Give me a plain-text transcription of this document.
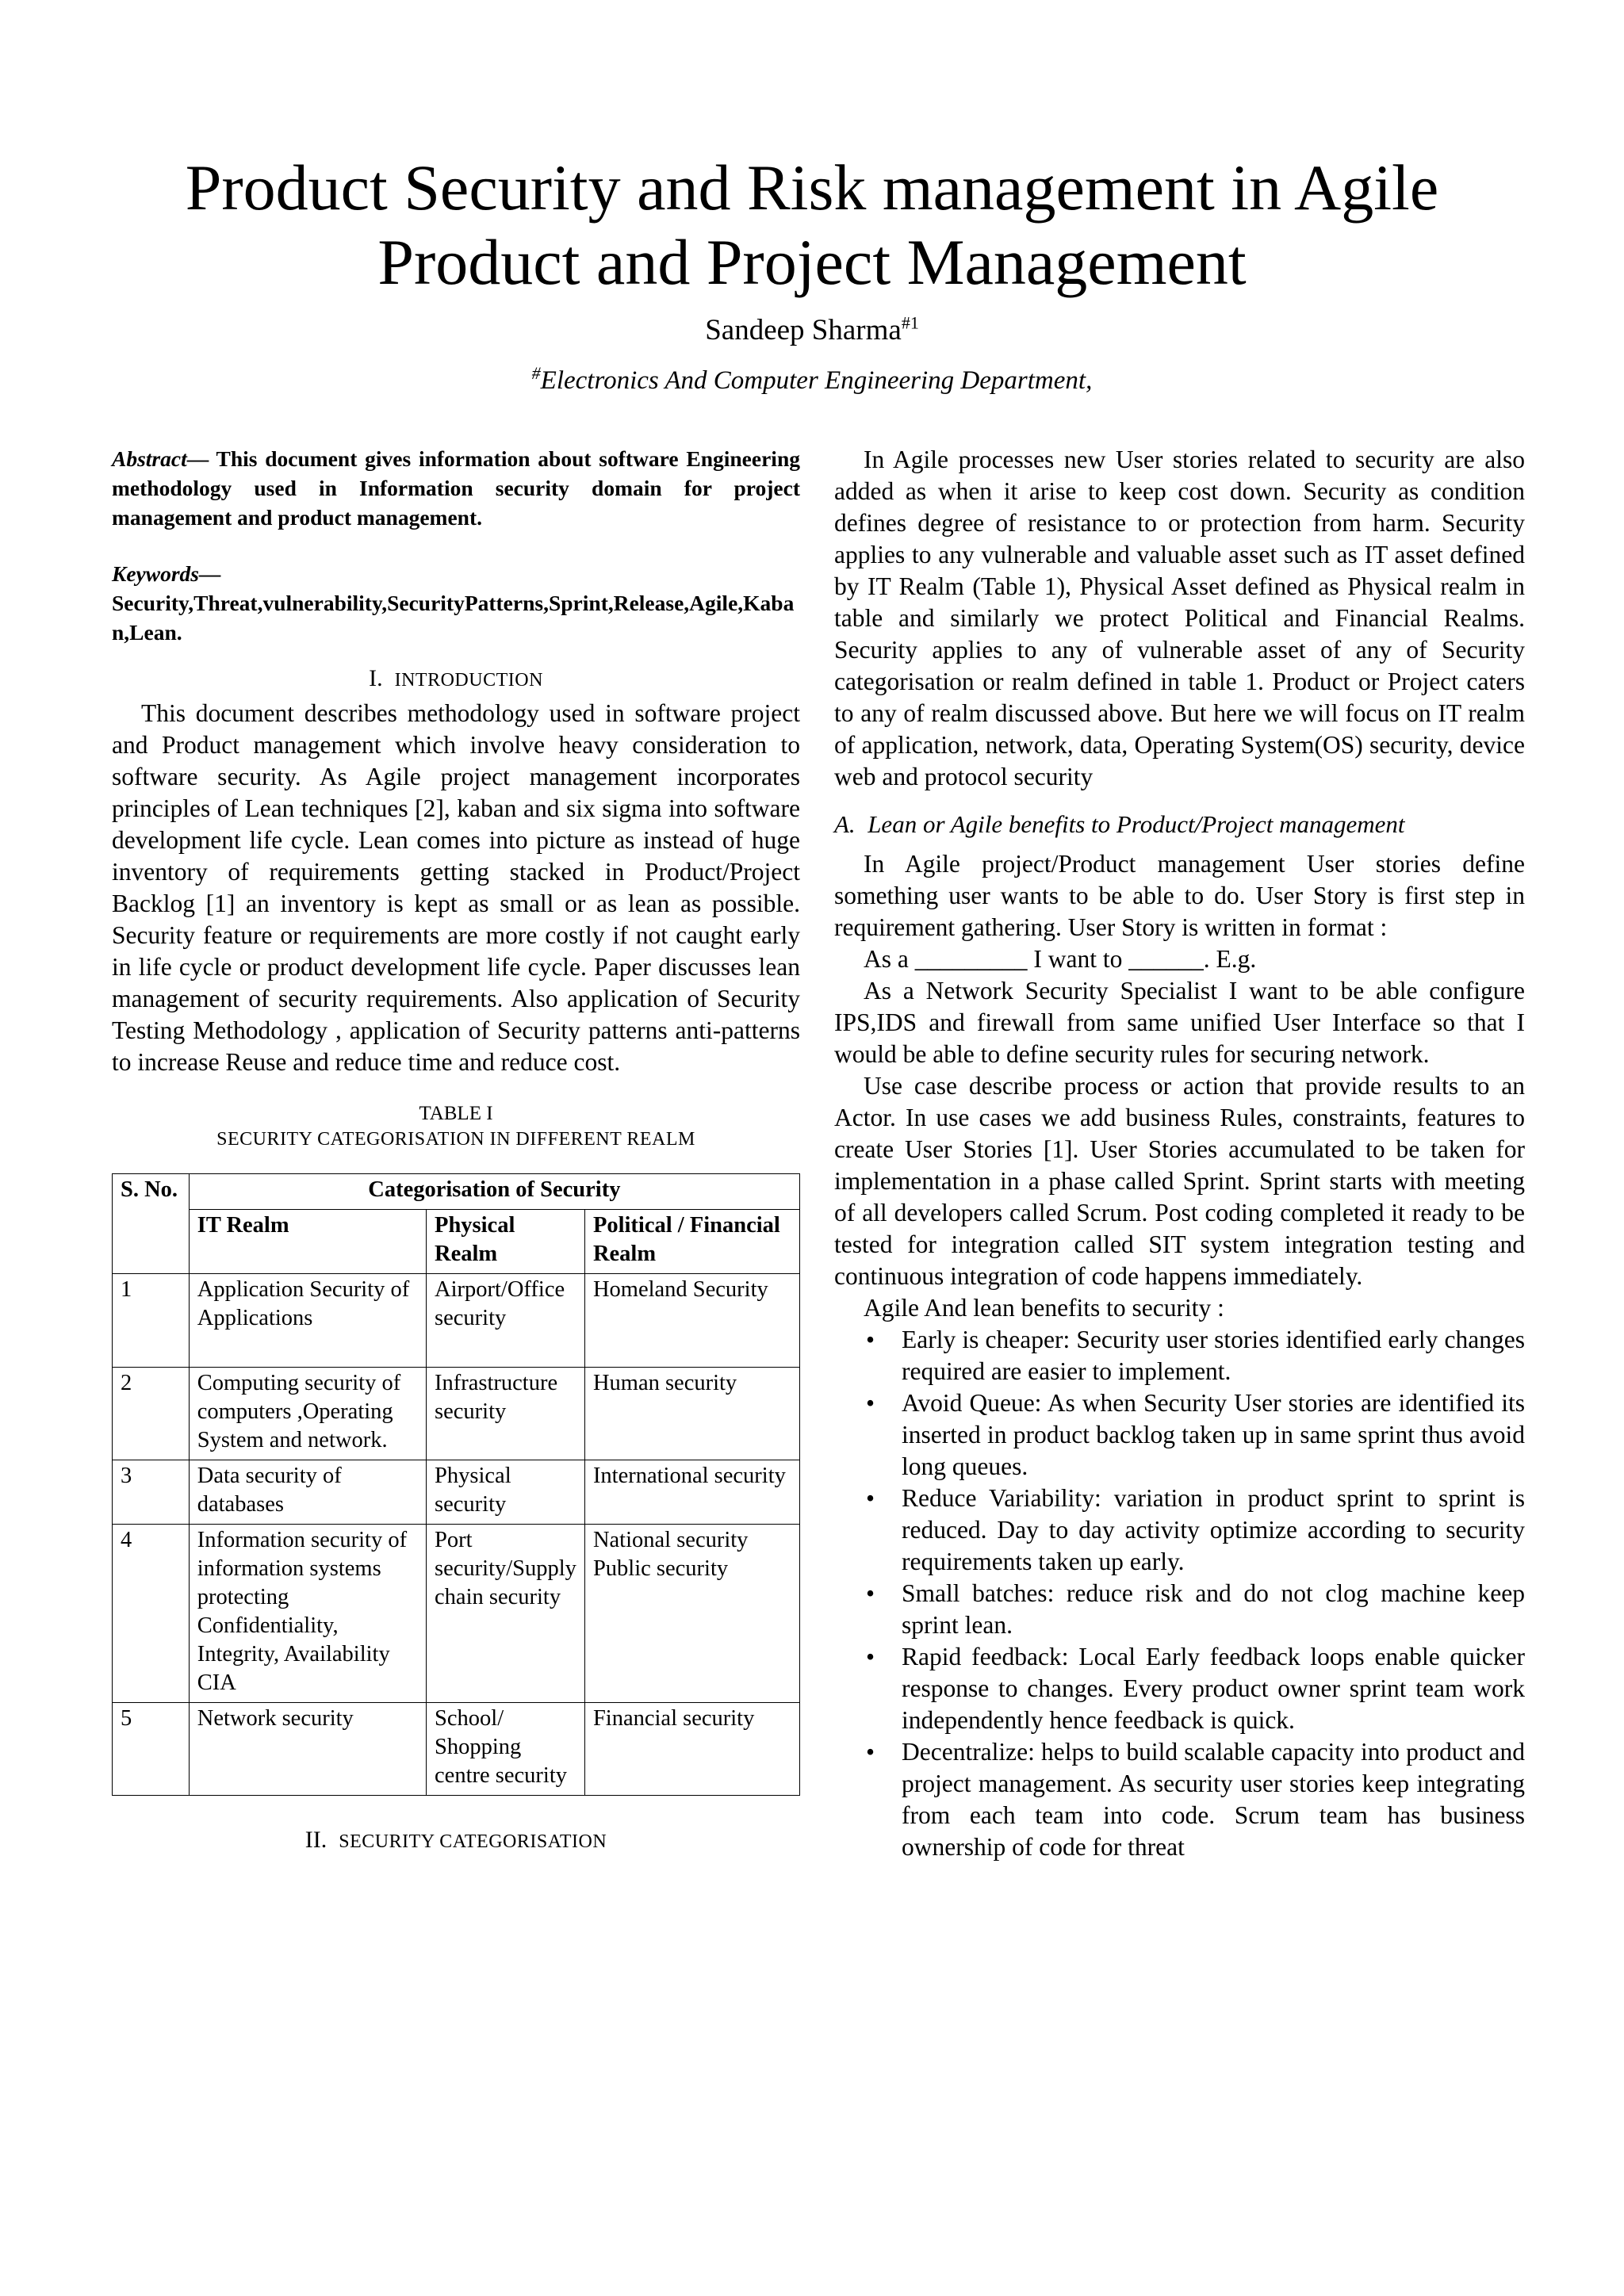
Product Security and Risk management in Agile
Product and Project Management
Sandeep Sharma$^{\#1}$
#Electronics And Computer Engineering Department,

Abstract— This document gives information about software Engineering methodology used in Information security domain for project management and product management.

Keywords—
Security,Threat,vulnerability,SecurityPatterns,Sprint,Release,Agile,Kaban,Lean.
I. INTRODUCTION

This document describes methodology used in software project and Product management which involve heavy consideration to software security. As Agile project management incorporates principles of Lean techniques [2], kaban and six sigma into software development life cycle. Lean comes into picture as instead of huge inventory of requirements getting stacked in Product/Project Backlog [1] an inventory is kept as small or as lean as possible. Security feature or requirements are more costly if not caught early in life cycle or product development life cycle. Paper discusses lean management of security requirements. Also application of Security Testing Methodology , application of Security patterns anti-patterns to increase Reuse and reduce time and reduce cost.

TABLE I
SECURITY CATEGORISATION IN DIFFERENT REALM
S. No.	Categorisation of Security		
	IT Realm	Physical Realm	Political / Financial Realm
1	Application Security of Applications	Airport/Office security	Homeland Security
2	Computing security of computers ,Operating System and network.	Infrastructure security	Human security
3	Data security of databases	Physical security	International security
4	Information security of information systems protecting Confidentiality, Integrity, Availability CIA	Port security/Supply chain security	National security Public security
5	Network security	School/ Shopping centre security	Financial security
II. SECURITY CATEGORISATION

In Agile processes new User stories related to security are also added as when it arise to keep cost down. Security as condition defines degree of resistance to or protection from harm. Security applies to any vulnerable and valuable asset such as IT asset defined by IT Realm (Table 1), Physical Asset defined as Physical realm in table and similarly we protect Political and Financial Realms. Security applies to any of vulnerable asset of any of Security categorisation or realm defined in table 1. Product or Project caters to any of realm discussed above. But here we will focus on IT realm of application, network, data, Operating System(OS) security, device web and protocol security

A. Lean or Agile benefits to Product/Project management

In Agile project/Product management User stories define something user wants to be able to do. User Story is first step in requirement gathering. User Story is written in format :

As a _________ I want to ______. E.g.

As a Network Security Specialist I want to be able configure IPS,IDS and firewall from same unified User Interface so that I would be able to define security rules for securing network.

Use case describe process or action that provide results to an Actor. In use cases we add business Rules, constraints, features to create User Stories [1]. User Stories accumulated to be taken for implementation in a phase called Sprint. Sprint starts with meeting of all developers called Scrum. Post coding completed it ready to be tested for integration called SIT system integration testing and continuous integration of code happens immediately.

Agile And lean benefits to security :

• Early is cheaper: Security user stories identified early changes required are easier to implement.
• Avoid Queue: As when Security User stories are identified its inserted in product backlog taken up in same sprint thus avoid long queues.
• Reduce Variability: variation in product sprint to sprint is reduced. Day to day activity optimize according to security requirements taken up early.
• Small batches: reduce risk and do not clog machine keep sprint lean.
• Rapid feedback: Local Early feedback loops enable quicker response to changes. Every product owner sprint team work independently hence feedback is quick.
• Decentralize: helps to build scalable capacity into product and project management. As security user stories keep integrating from each team into code. Scrum team has business ownership of code for threat
